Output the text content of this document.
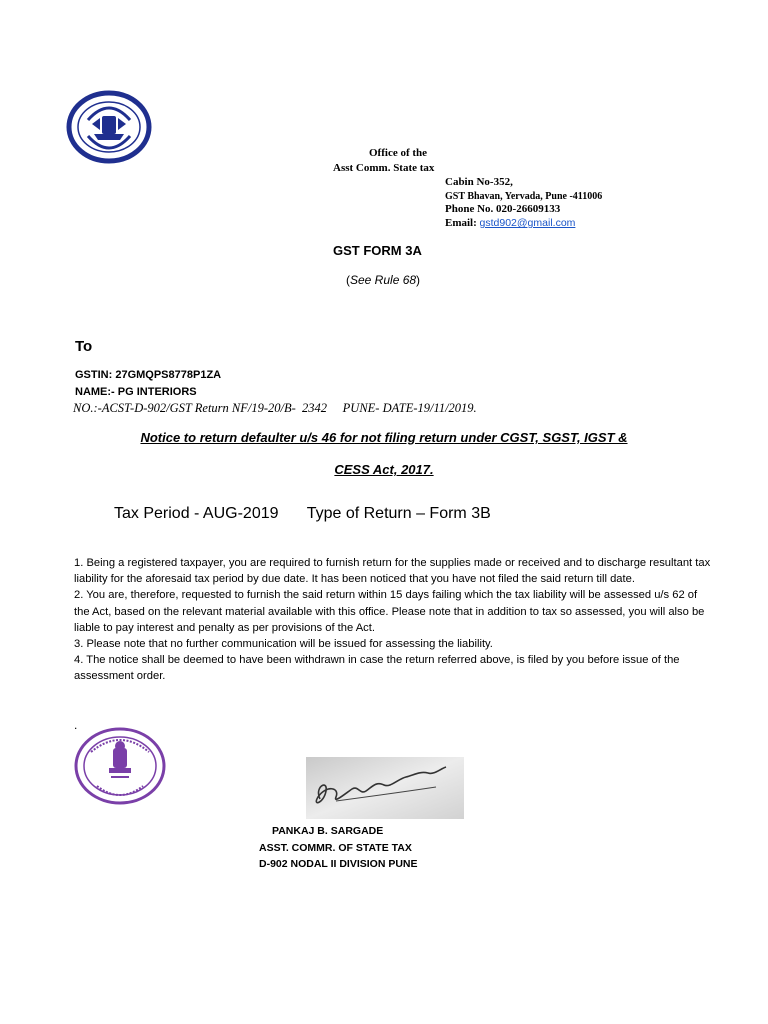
Office of the
Asst Comm. State tax
Cabin No-352,
GST Bhavan, Yervada, Pune -411006
Phone No. 020-26609133
Email: gstd902@gmail.com
GST FORM 3A
(See Rule 68)
To
GSTIN: 27GMQPS8778P1ZA
NAME:- PG INTERIORS
NO.:-ACST-D-902/GST Return NF/19-20/B-  2342     PUNE- DATE-19/11/2019.
Notice to return defaulter u/s 46 for not filing return under CGST, SGST, IGST &
CESS Act, 2017.
Tax Period - AUG-2019 Type of Return – Form 3B

1. Being a registered taxpayer, you are required to furnish return for the supplies made or received and to discharge resultant tax liability for the aforesaid tax period by due date. It has been noticed that you have not filed the said return till date.

2. You are, therefore, requested to furnish the said return within 15 days failing which the tax liability will be assessed u/s 62 of the Act, based on the relevant material available with this office. Please note that in addition to tax so assessed, you will also be liable to pay interest and penalty as per provisions of the Act.

3. Please note that no further communication will be issued for assessing the liability.

4. The notice shall be deemed to have been withdrawn in case the return referred above, is filed by you before issue of the assessment order.

.
PANKAJ B. SARGADE
ASST. COMMR. OF STATE TAX
D-902 NODAL II DIVISION PUNE
